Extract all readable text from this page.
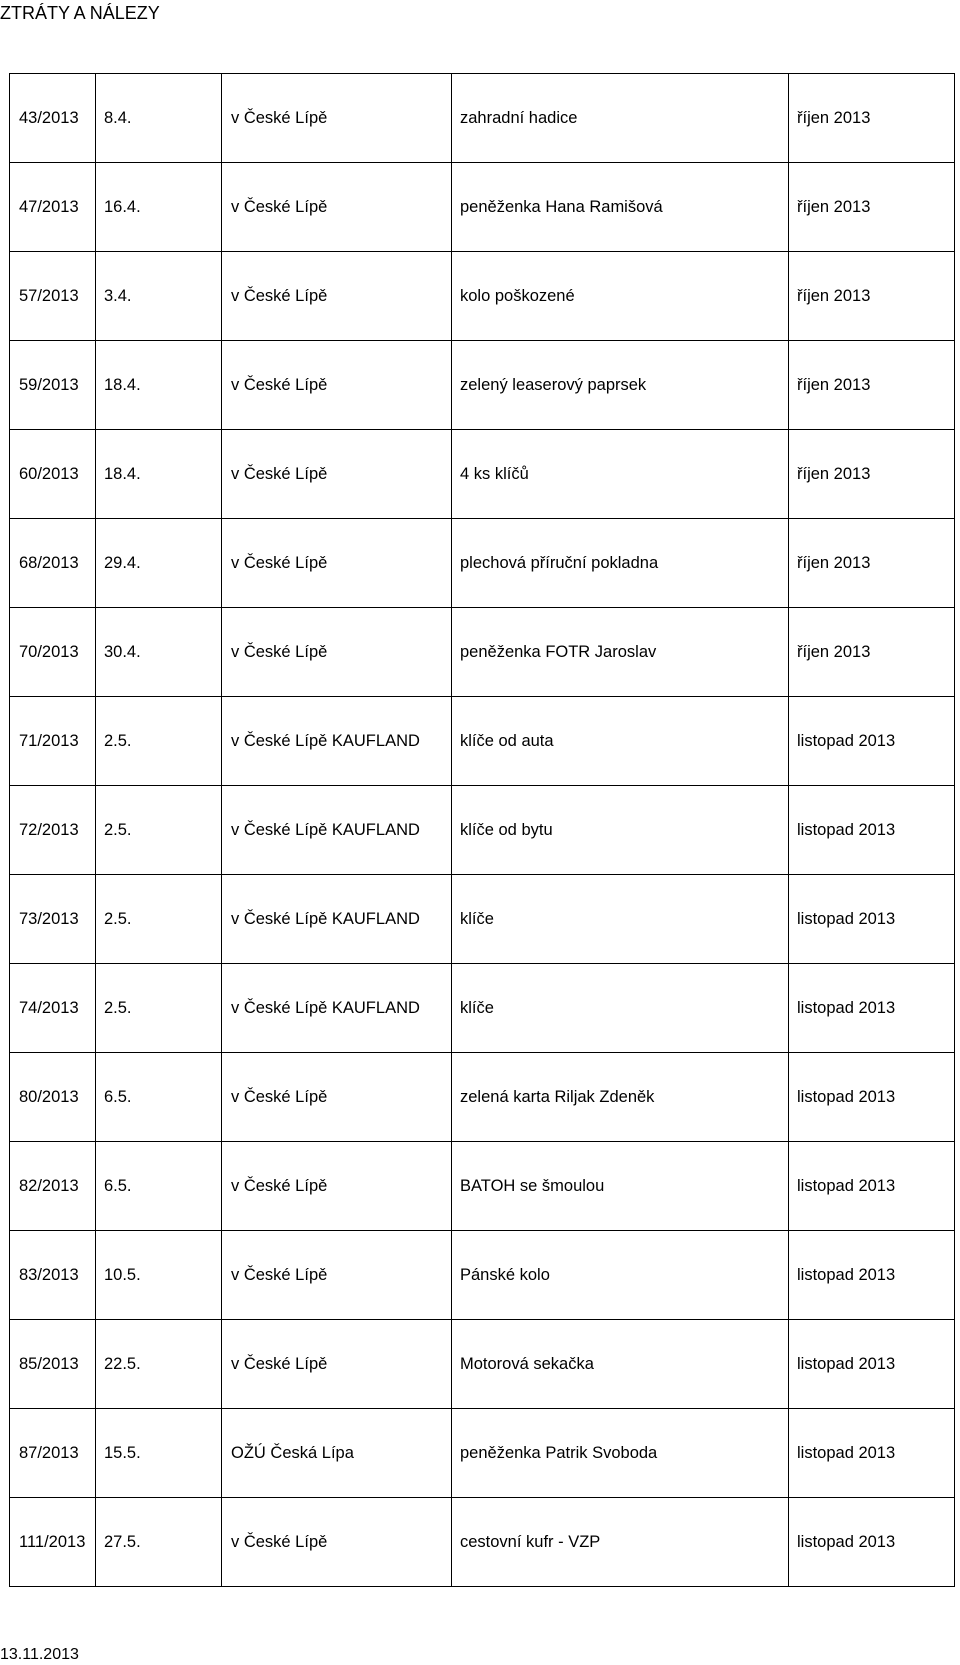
ZTRÁTY A NÁLEZY
43/2013	8.4.	v České Lípě	zahradní hadice	říjen 2013
47/2013	16.4.	v České Lípě	peněženka Hana Ramišová	říjen 2013
57/2013	3.4.	v České Lípě	kolo poškozené	říjen 2013
59/2013	18.4.	v České Lípě	zelený leaserový paprsek	říjen 2013
60/2013	18.4.	v České Lípě	4 ks klíčů	říjen 2013
68/2013	29.4.	v České Lípě	plechová příruční pokladna	říjen 2013
70/2013	30.4.	v České Lípě	peněženka FOTR Jaroslav	říjen 2013
71/2013	2.5.	v České Lípě KAUFLAND	klíče od auta	listopad 2013
72/2013	2.5.	v České Lípě KAUFLAND	klíče od bytu	listopad 2013
73/2013	2.5.	v České Lípě KAUFLAND	klíče	listopad 2013
74/2013	2.5.	v České Lípě KAUFLAND	klíče	listopad 2013
80/2013	6.5.	v České Lípě	zelená karta Riljak Zdeněk	listopad 2013
82/2013	6.5.	v České Lípě	BATOH se šmoulou	listopad 2013
83/2013	10.5.	v České Lípě	Pánské kolo	listopad 2013
85/2013	22.5.	v České Lípě	Motorová sekačka	listopad 2013
87/2013	15.5.	OŽÚ Česká Lípa	peněženka Patrik Svoboda	listopad 2013
111/2013	27.5.	v České Lípě	cestovní kufr - VZP	listopad 2013
13.11.2013
